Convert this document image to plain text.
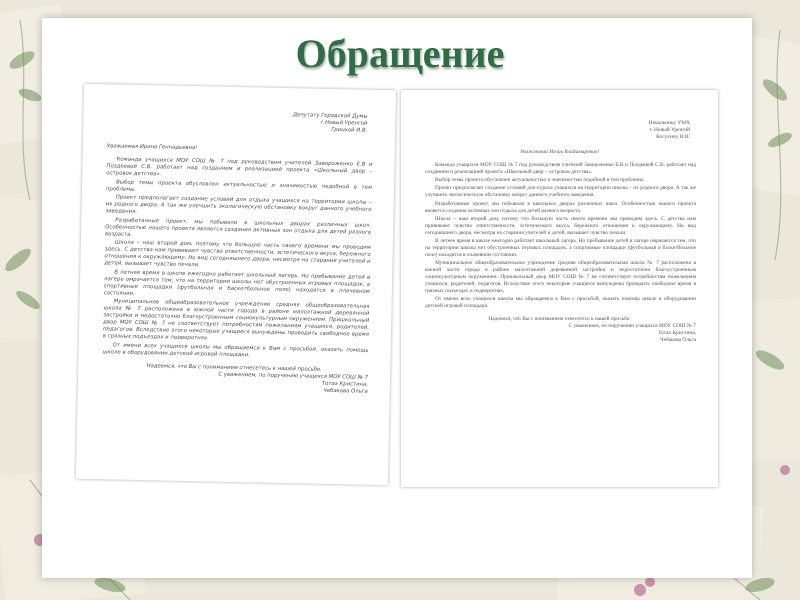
Обращение
Депутату Городской Думы
г.Новый Уренгой
Грицкой И.В.
Уважаемая Ирина Геннадьевна!

Команда учащихся МОУ СОШ № 7 под руководством учителей Завороженко Е.В и Поздеевой С.В. работает над созданием и реализацией проекта «Школьный двор – островок детства».

Выбор темы проекта обусловлен актуальностью и значимостью подобной в тем проблемы.

Проект предполагает создание условий для отдыха учащихся на территории школы – их родного двора. А так же улучшить экологическую обстановку вокруг данного учебного заведения.

Разработанные проект, мы побывали в школьных дворах различных школ. Особенностью нашего проекта является создания активных зон отдыха для детей разного возраста.

Школа – наш второй дом, поэтому что большую часть своего времени мы проводим здесь. С детства нам прививают чувство ответственности, эстетического вкуса, бережного отношения к окружающему. Но вид сегодняшнего двора, несмотря на старания учителей и детей, вызывает чувство печали.

В летнее время в школе ежегодно работает школьный лагерь. Но пребывание детей в лагере омрачается тем, что на территории школы нет обустроенных игровых площадок, а спортивные площадки (футбольная и баскетбольное поле) находятся в плачевном состоянии.

Муниципальное общеобразовательное учреждение средняя общеобразовательная школа № 7 расположена в южной части города в районе малоэтажной деревянной застройки и недостаточно благоустроенным социокультурным окружением. Пришкольный двор МОУ СОШ № 7 не соответствует потребностям пожеланиям учащихся, родителей, педагогов. Вследствие этого некоторые учащиеся вынуждены проводить свободное время в грязных подъездах и подворотнях.

От имени всех учащихся школы мы обращаемся к Вам с просьбой, оказать помощь школе в оборудовании детской игровой площадки.

Надеемся, что Вы с пониманием отнесетесь к нашей просьбе.
С уважением, по поручению учащихся МОУ СОШ № 7
Тотах Кристина,
Чебакова Ольга
Начальнику УМХ
г. Новый Уренгой
Косухину И.В.
Уважаемый Игорь Владимирович!

Команда учащихся МОУ СОШ № 7 под руководством учителей Завороженко Е.В и Поздеевой С.В. работает над созданием и реализацией проекта «Школьный двор – островок детства».

Выбор темы проекта обусловлен актуальностью и значимостью подобной в тем проблемы.

Проект предполагает создание условий для отдыха учащихся на территории школы – их родного двора. А так же улучшить экологическую обстановку вокруг данного учебного заведения.

Разработанные проект, мы побывали в школьных дворах различных школ. Особенностью нашего проекта является создания активных зон отдыха для детей разного возраста.

Школа – наш второй дом, потому что большую часть своего времени мы проводим здесь. С детства нам прививают чувство ответственности, эстетического вкуса, бережного отношения к окружающему. Но вид сегодняшнего двора, несмотря на старания учителей и детей, вызывает чувство печали.

В летнее время в школе ежегодно работает школьный лагерь. Но пребывание детей в лагере омрачается тем, что на территории школы нет обустроенных игровых площадок, а спортивные площадки (футбольная и баскетбольное поле) находятся в плачевном состоянии.

Муниципальное общеобразовательное учреждение средняя общеобразовательная школа № 7 расположена в южной части города в районе малоэтажной деревянной застройки и недостаточно благоустроенным социокультурным окружением. Пришкольный двор МОУ СОШ № 7 не соответствует потребностям пожеланиям учащихся, родителей, педагогов. Вследствие этого некоторые учащиеся вынуждены проводить свободное время в грязных подъездах и подворотнях.

От имени всех учащихся школы мы обращаемся к Вам с просьбой, оказать помощь школе в оборудовании детской игровой площадки.

Надеемся, что Вы с пониманием отнесетесь к нашей просьбе.
С уважением, по поручению учащихся МОУ СОШ № 7
Тотах Кристина,
Чебакова Ольга
